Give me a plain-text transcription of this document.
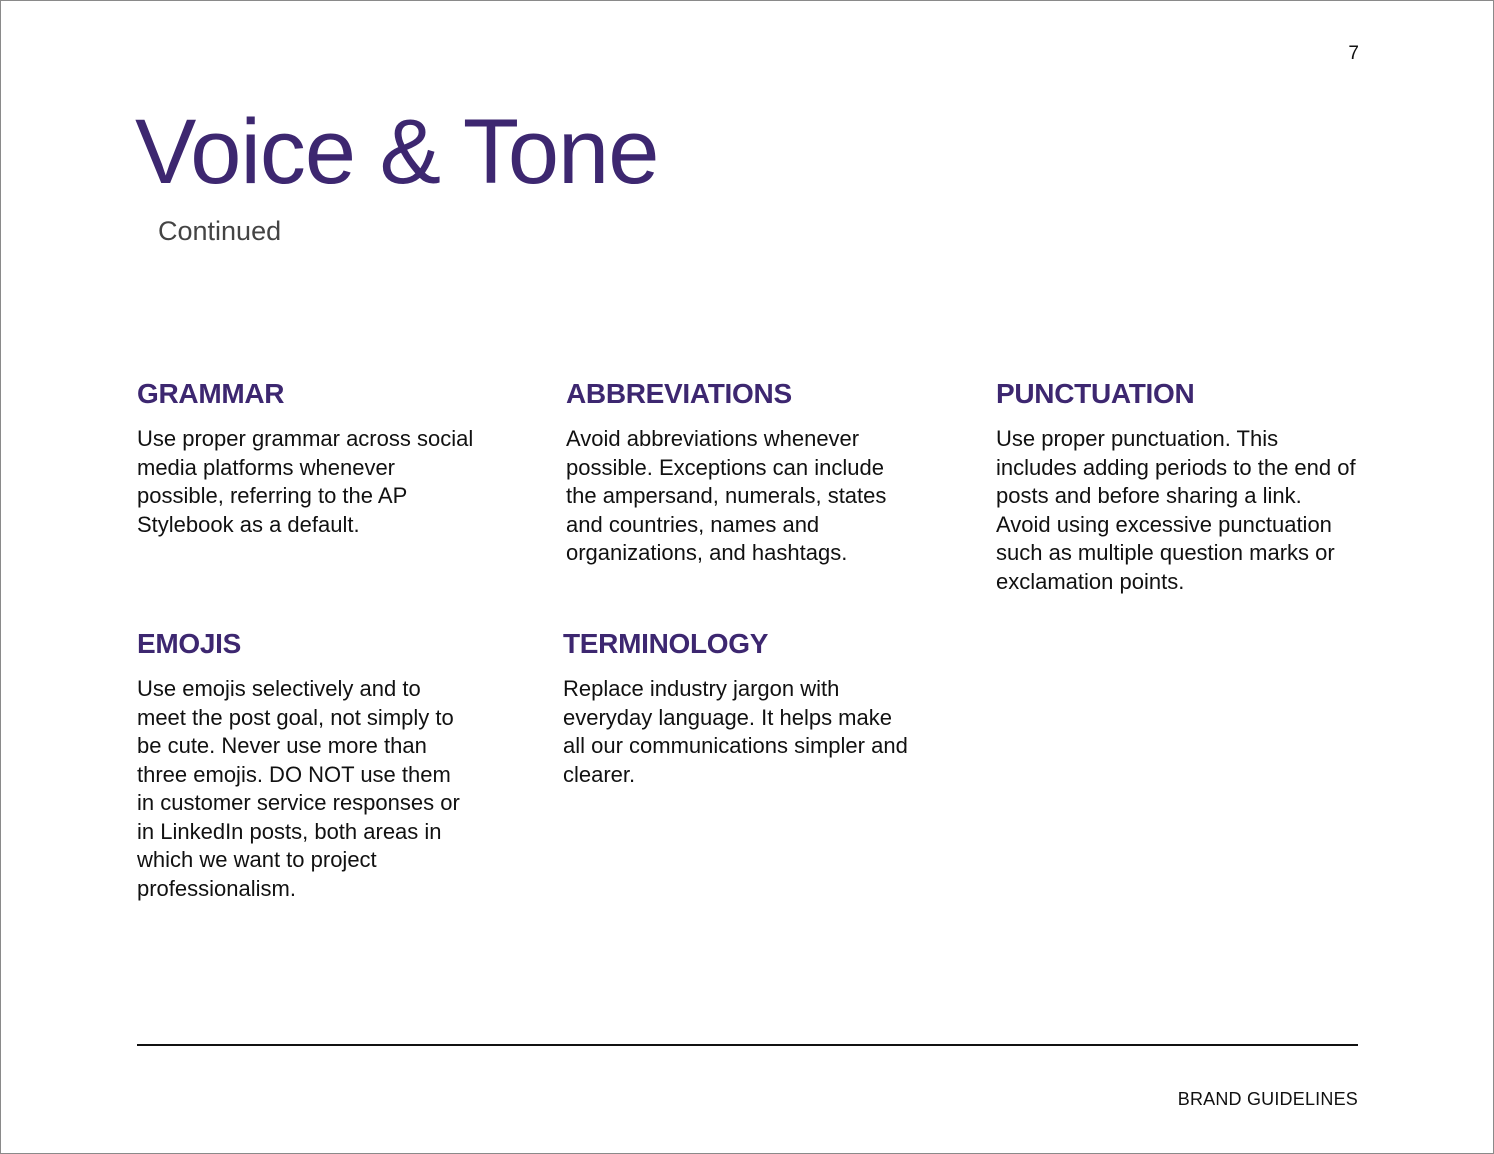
7
Voice & Tone
Continued
GRAMMAR

Use proper grammar across social media platforms whenever possible, referring to the AP Stylebook as a default.

ABBREVIATIONS

Avoid abbreviations whenever possible. Exceptions can include the ampersand, numerals, states and countries, names and organizations, and hashtags.

PUNCTUATION

Use proper punctuation. This includes adding periods to the end of posts and before sharing a link. Avoid using excessive punctuation such as multiple question marks or exclamation points.

EMOJIS

Use emojis selectively and to meet the post goal, not simply to be cute. Never use more than three emojis. DO NOT use them in customer service responses or in LinkedIn posts, both areas in which we want to project professionalism.

TERMINOLOGY

Replace industry jargon with everyday language. It helps make all our communications simpler and clearer.

BRAND GUIDELINES
